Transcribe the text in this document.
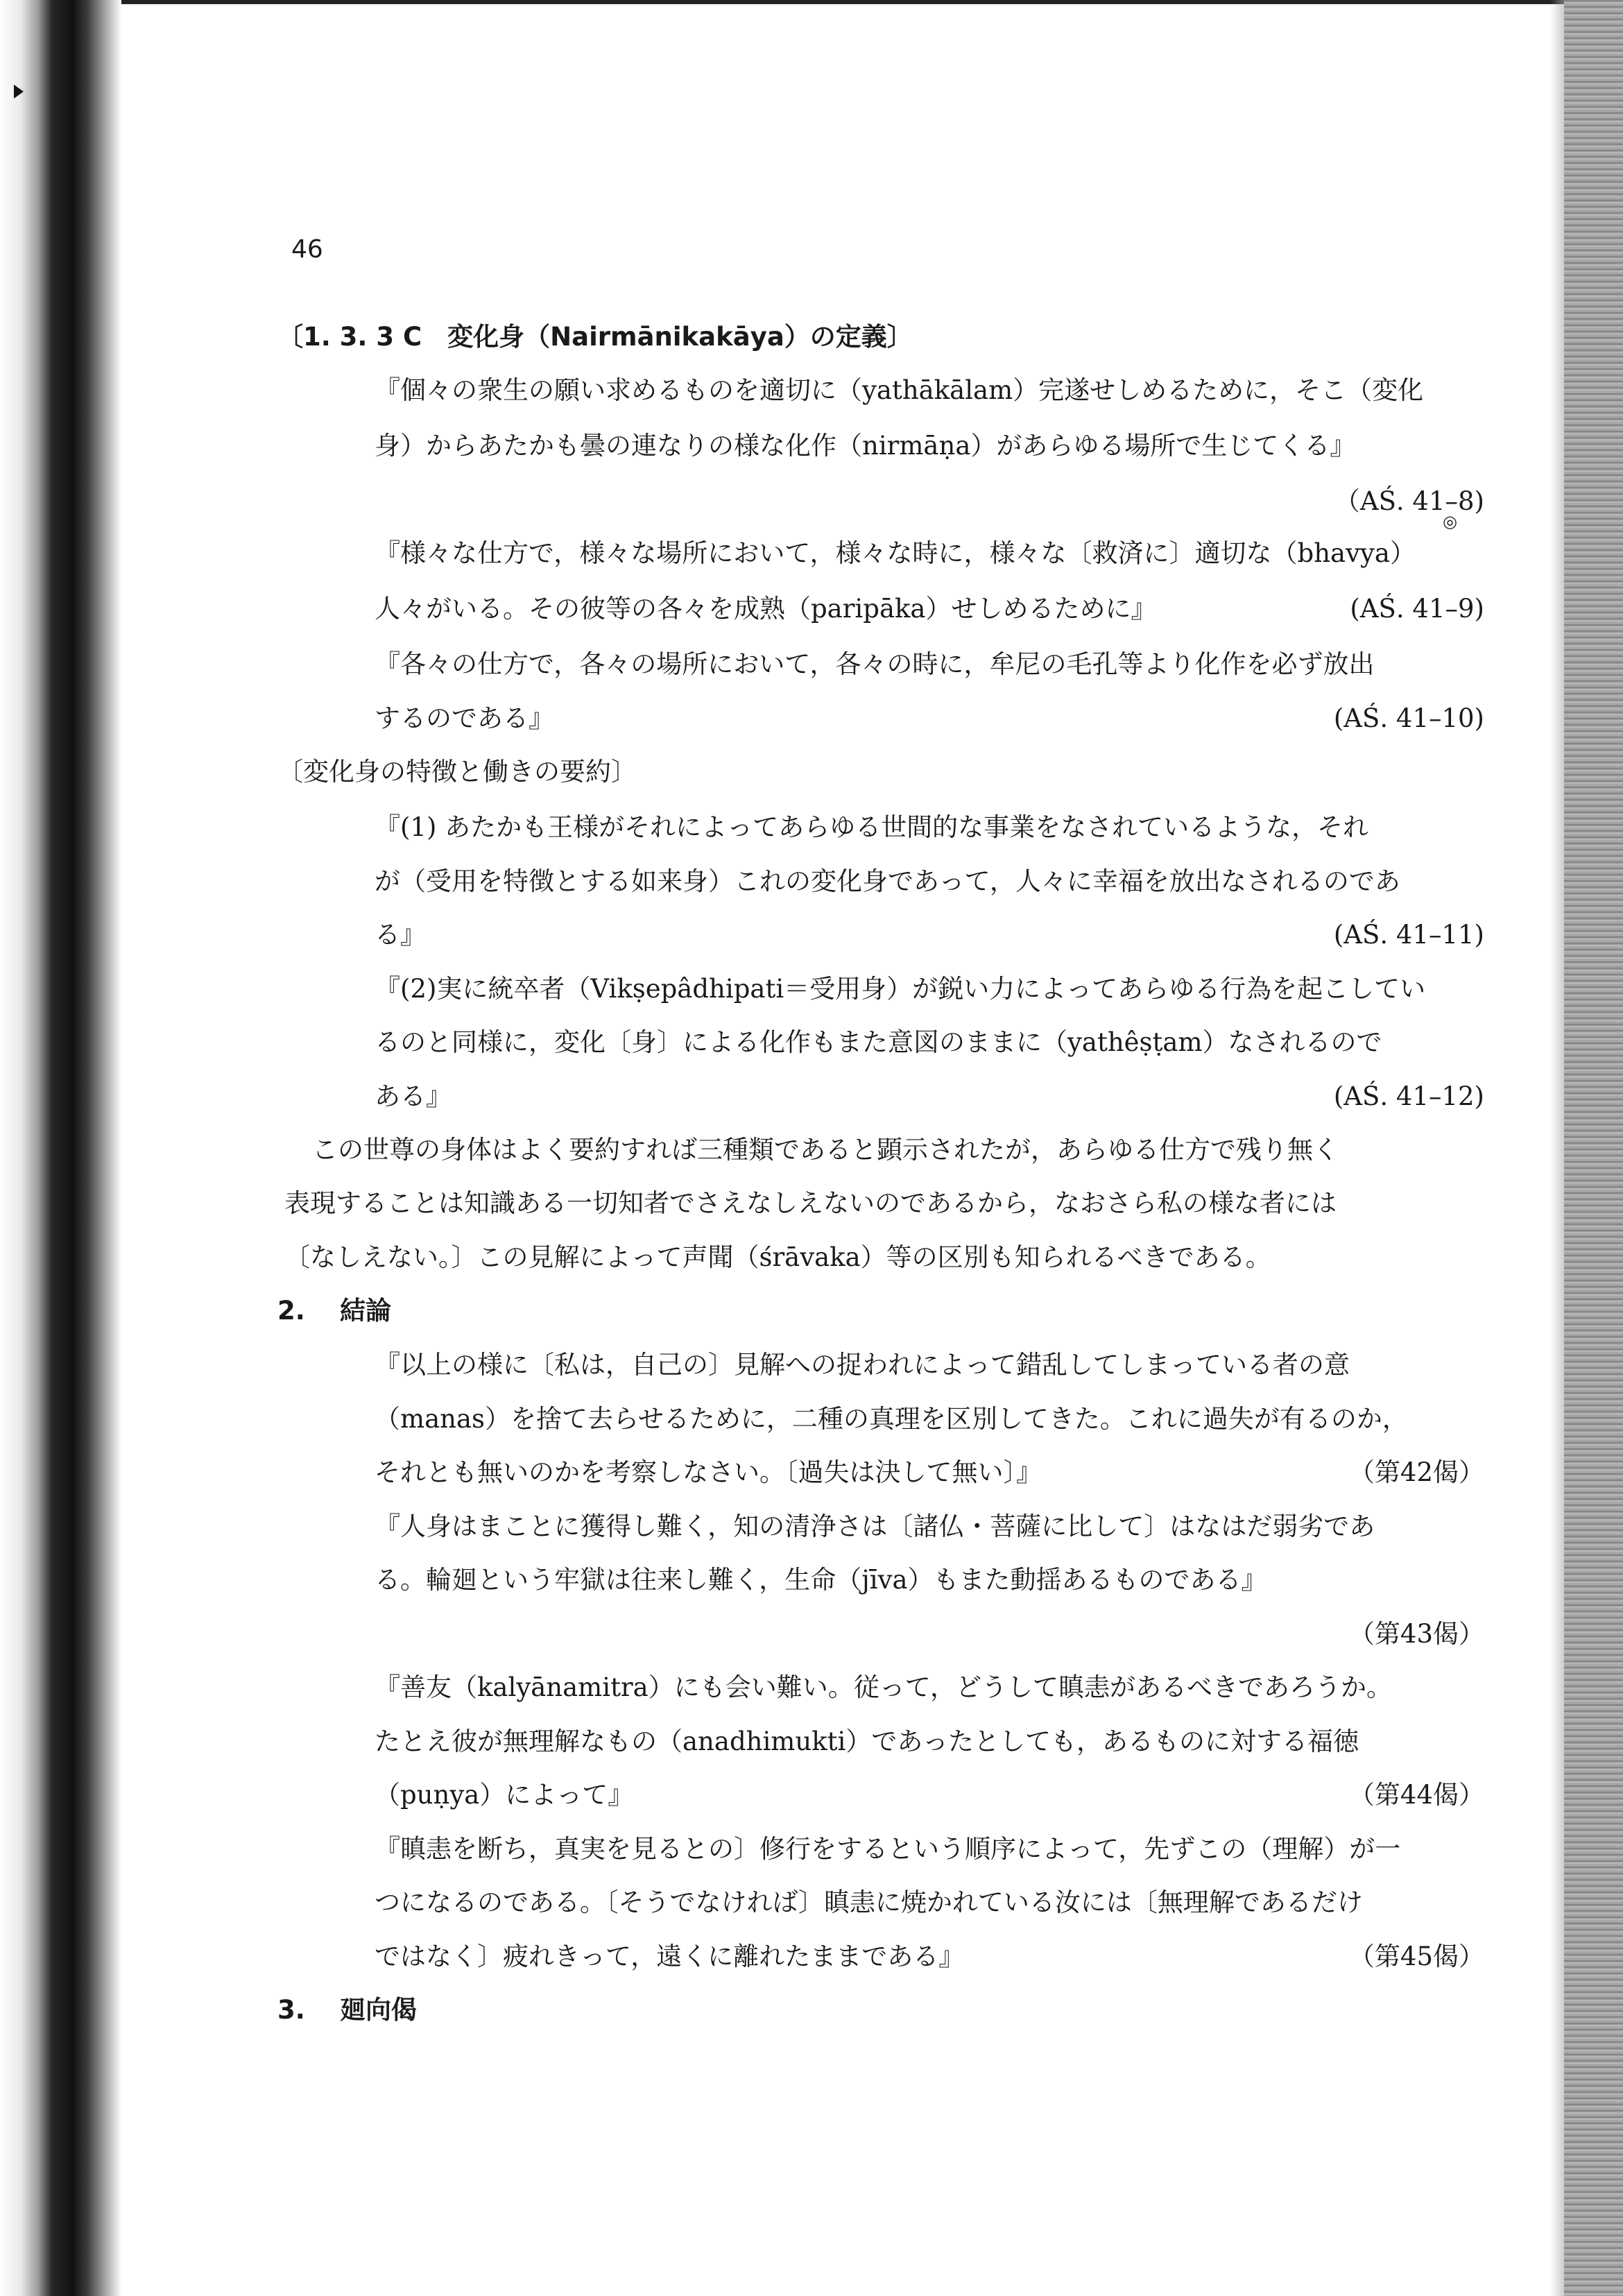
46
〔1. 3. 3 C　変化身（Nairmānikakāya）の定義〕
『個々の衆生の願い求めるものを適切に（yathākālam）完遂せしめるために，そこ（変化
身）からあたかも曇の連なりの様な化作（nirmāṇa）があらゆる場所で生じてくる』
（AŚ. 41–8)
『様々な仕方で，様々な場所において，様々な時に，様々な〔救済に〕適切な（bhavya）
◎
人々がいる。その彼等の各々を成熟（paripāka）せしめるために』	(AŚ. 41–9)
『各々の仕方で，各々の場所において，各々の時に，牟尼の毛孔等より化作を必ず放出
するのである』	(AŚ. 41–10)
〔変化身の特徴と働きの要約〕
『(1) あたかも王様がそれによってあらゆる世間的な事業をなされているような，それ
が（受用を特徴とする如来身）これの変化身であって，人々に幸福を放出なされるのであ
る』	(AŚ. 41–11)
『(2)実に統卒者（Vikṣepâdhipati＝受用身）が鋭い力によってあらゆる行為を起こしてい
るのと同様に，変化〔身〕による化作もまた意図のままに（yathêṣṭam）なされるので
ある』	(AŚ. 41–12)
この世尊の身体はよく要約すれば三種類であると顕示されたが，あらゆる仕方で残り無く
表現することは知識ある一切知者でさえなしえないのであるから，なおさら私の様な者には
〔なしえない。〕この見解によって声聞（śrāvaka）等の区別も知られるべきである。
2. 結論
『以上の様に〔私は，自己の〕見解への捉われによって錯乱してしまっている者の意
（manas）を捨て去らせるために，二種の真理を区別してきた。これに過失が有るのか，
それとも無いのかを考察しなさい。〔過失は決して無い〕』	（第42偈）
『人身はまことに獲得し難く，知の清浄さは〔諸仏・菩薩に比して〕はなはだ弱劣であ
る。輪廻という牢獄は往来し難く，生命（jīva）もまた動揺あるものである』
（第43偈）
『善友（kalyānamitra）にも会い難い。従って，どうして瞋恚があるべきであろうか。
たとえ彼が無理解なもの（anadhimukti）であったとしても，あるものに対する福徳
（puṇya）によって』	（第44偈）
『瞋恚を断ち，真実を見るとの〕修行をするという順序によって，先ずこの（理解）が一
つになるのである。〔そうでなければ〕瞋恚に焼かれている汝には〔無理解であるだけ
ではなく〕疲れきって，遠くに離れたままである』	（第45偈）
3. 廻向偈
